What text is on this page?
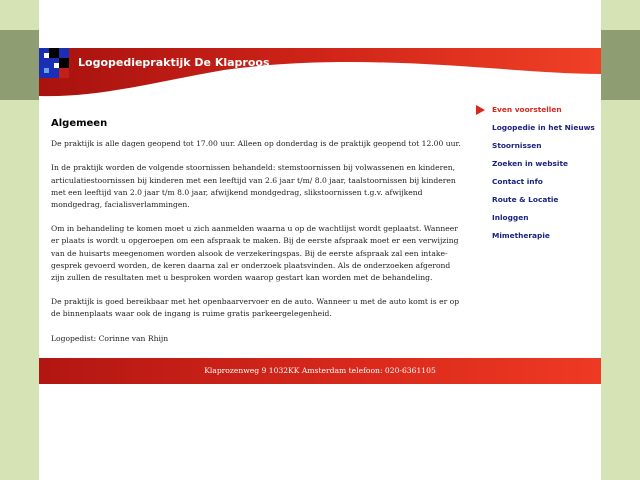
Logopediepraktijk De Klaproos
Algemeen

De praktijk is alle dagen geopend tot 17.00 uur. Alleen op donderdag is de praktijk geopend tot 12.00 uur.

In de praktijk worden de volgende stoornissen behandeld: stemstoornissen bij volwassenen en kinderen, articulatiestoornissen bij kinderen met een leeftijd van 2.6 jaar t/m/ 8.0 jaar, taalstoornissen bij kinderen met een leeftijd van 2.0 jaar t/m 8.0 jaar, afwijkend mondgedrag, slikstoornissen t.g.v. afwijkend mondgedrag, facialisverlammingen.

Om in behandeling te komen moet u zich aanmelden waarna u op de wachtlijst wordt geplaatst. Wanneer er plaats is wordt u opgeroepen om een afspraak te maken. Bij de eerste afspraak moet er een verwijzing van de huisarts meegenomen worden alsook de verzekeringspas. Bij de eerste afspraak zal een intake-gesprek gevoerd worden, de keren daarna zal er onderzoek plaatsvinden. Als de onderzoeken afgerond zijn zullen de resultaten met u besproken worden waarop gestart kan worden met de behandeling.

De praktijk is goed bereikbaar met het openbaarvervoer en de auto. Wanneer u met de auto komt is er op de binnenplaats waar ook de ingang is ruime gratis parkeergelegenheid.

Logopedist: Corinne van Rhijn

Even voorstellen
Logopedie in het Nieuws
Stoornissen
Zoeken in website
Contact info
Route & Locatie
Inloggen
Mimetherapie
Klaprozenweg 9 1032KK Amsterdam telefoon: 020-6361105
